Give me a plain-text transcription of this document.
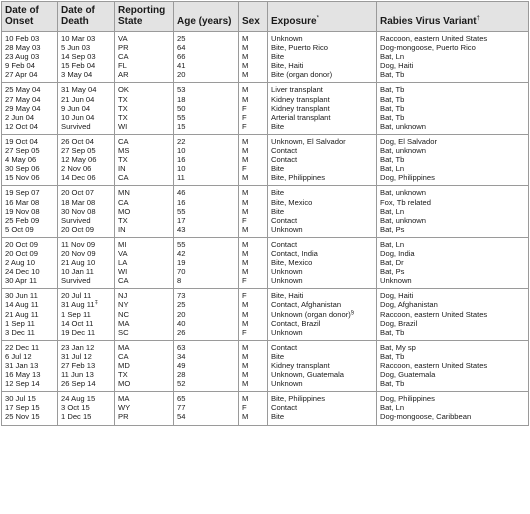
Date of Onset	Date of Death	Reporting State	Age (years)	Sex	Exposure*	Rabies Virus Variant†
10 Feb 03	10 Mar 03	VA	25	M	Unknown	Raccoon, eastern United States
28 May 03	5 Jun 03	PR	64	M	Bite, Puerto Rico	Dog-mongoose, Puerto Rico
23 Aug 03	14 Sep 03	CA	66	M	Bite	Bat, Ln
9 Feb 04	15 Feb 04	FL	41	M	Bite, Haiti	Dog, Haiti
27 Apr 04	3 May 04	AR	20	M	Bite (organ donor)	Bat, Tb
25 May 04	31 May 04	OK	53	M	Liver transplant	Bat, Tb
27 May 04	21 Jun 04	TX	18	M	Kidney transplant	Bat, Tb
29 May 04	9 Jun 04	TX	50	F	Kidney transplant	Bat, Tb
2 Jun 04	10 Jun 04	TX	55	F	Arterial transplant	Bat, Tb
12 Oct 04	Survived	WI	15	F	Bite	Bat, unknown
19 Oct 04	26 Oct 04	CA	22	M	Unknown, El Salvador	Dog, El Salvador
27 Sep 05	27 Sep 05	MS	10	M	Contact	Bat, unknown
4 May 06	12 May 06	TX	16	M	Contact	Bat, Tb
30 Sep 06	2 Nov 06	IN	10	F	Bite	Bat, Ln
15 Nov 06	14 Dec 06	CA	11	M	Bite, Philippines	Dog, Philippines
19 Sep 07	20 Oct 07	MN	46	M	Bite	Bat, unknown
16 Mar 08	18 Mar 08	CA	16	M	Bite, Mexico	Fox, Tb related
19 Nov 08	30 Nov 08	MO	55	M	Bite	Bat, Ln
25 Feb 09	Survived	TX	17	F	Contact	Bat, unknown
5 Oct 09	20 Oct 09	IN	43	M	Unknown	Bat, Ps
20 Oct 09	11 Nov 09	MI	55	M	Contact	Bat, Ln
20 Oct 09	20 Nov 09	VA	42	M	Contact, India	Dog, India
2 Aug 10	21 Aug 10	LA	19	M	Bite, Mexico	Bat, Dr
24 Dec 10	10 Jan 11	WI	70	M	Unknown	Bat, Ps
30 Apr 11	Survived	CA	8	F	Unknown	Unknown
30 Jun 11	20 Jul 11	NJ	73	F	Bite, Haiti	Dog, Haiti
14 Aug 11	31 Aug 11‡	NY	25	M	Contact, Afghanistan	Dog, Afghanistan
21 Aug 11	1 Sep 11	NC	20	M	Unknown (organ donor)§	Raccoon, eastern United States
1 Sep 11	14 Oct 11	MA	40	M	Contact, Brazil	Dog, Brazil
3 Dec 11	19 Dec 11	SC	26	F	Unknown	Bat, Tb
22 Dec 11	23 Jan 12	MA	63	M	Contact	Bat, My sp
6 Jul 12	31 Jul 12	CA	34	M	Bite	Bat, Tb
31 Jan 13	27 Feb 13	MD	49	M	Kidney transplant	Raccoon, eastern United States
16 May 13	11 Jun 13	TX	28	M	Unknown, Guatemala	Dog, Guatemala
12 Sep 14	26 Sep 14	MO	52	M	Unknown	Bat, Tb
30 Jul 15	24 Aug 15	MA	65	M	Bite, Philippines	Dog, Philippines
17 Sep 15	3 Oct 15	WY	77	F	Contact	Bat, Ln
25 Nov 15	1 Dec 15	PR	54	M	Bite	Dog-mongoose, Caribbean
